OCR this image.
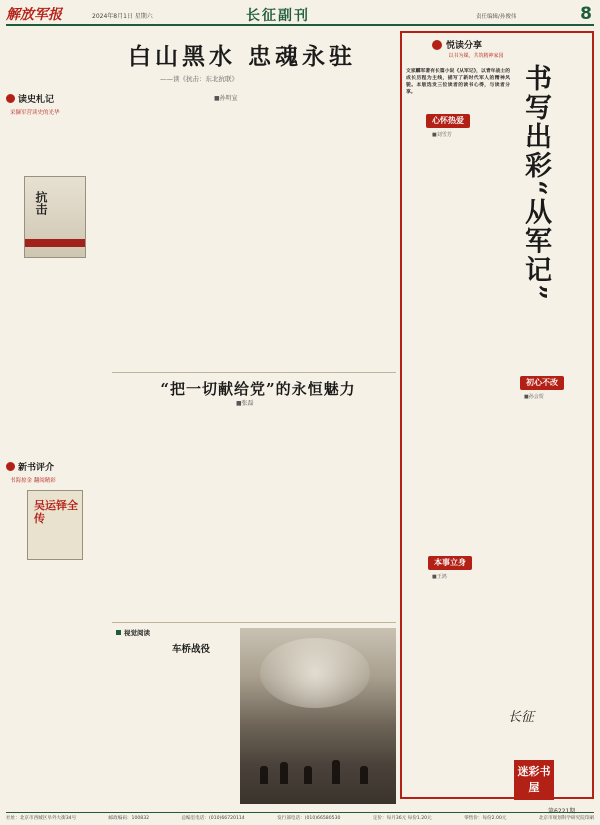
解放军报	2024年8月1日 星期六	长征副刊	责任编辑/孙俊伟	8
白山黑水 忠魂永驻
——读《抗击：东北抗联》
■孙明宣
读史札记
采撷军营读史的光华
抗击
新书评介
书海掠金 翻阅精彩
吴运铎全传
“把一切献给党”的永恒魅力
■张磊
视觉阅读
车桥战役
悦读分享
以书为媒，共筑精神家园
文家麟军著有长篇小说《从军记》，以青年战士的成长历程为主线，描写了新时代军人的精神风貌。本版选发三位读者的读书心得，与读者分享。	书写出彩“从军记”
心怀热爱
■刘雪芳
初心不改
■孙会贺
本事立身
■王鸿
长征
迷彩书屋
社址：北京市西城区阜外大街34号	邮政编码：100832	总编室电话：(010)66720114	发行部电话：(010)66580530	定价：每月36元 每份1.20元	零售价：每份2.00元	北京市规划科学研究院印刷
